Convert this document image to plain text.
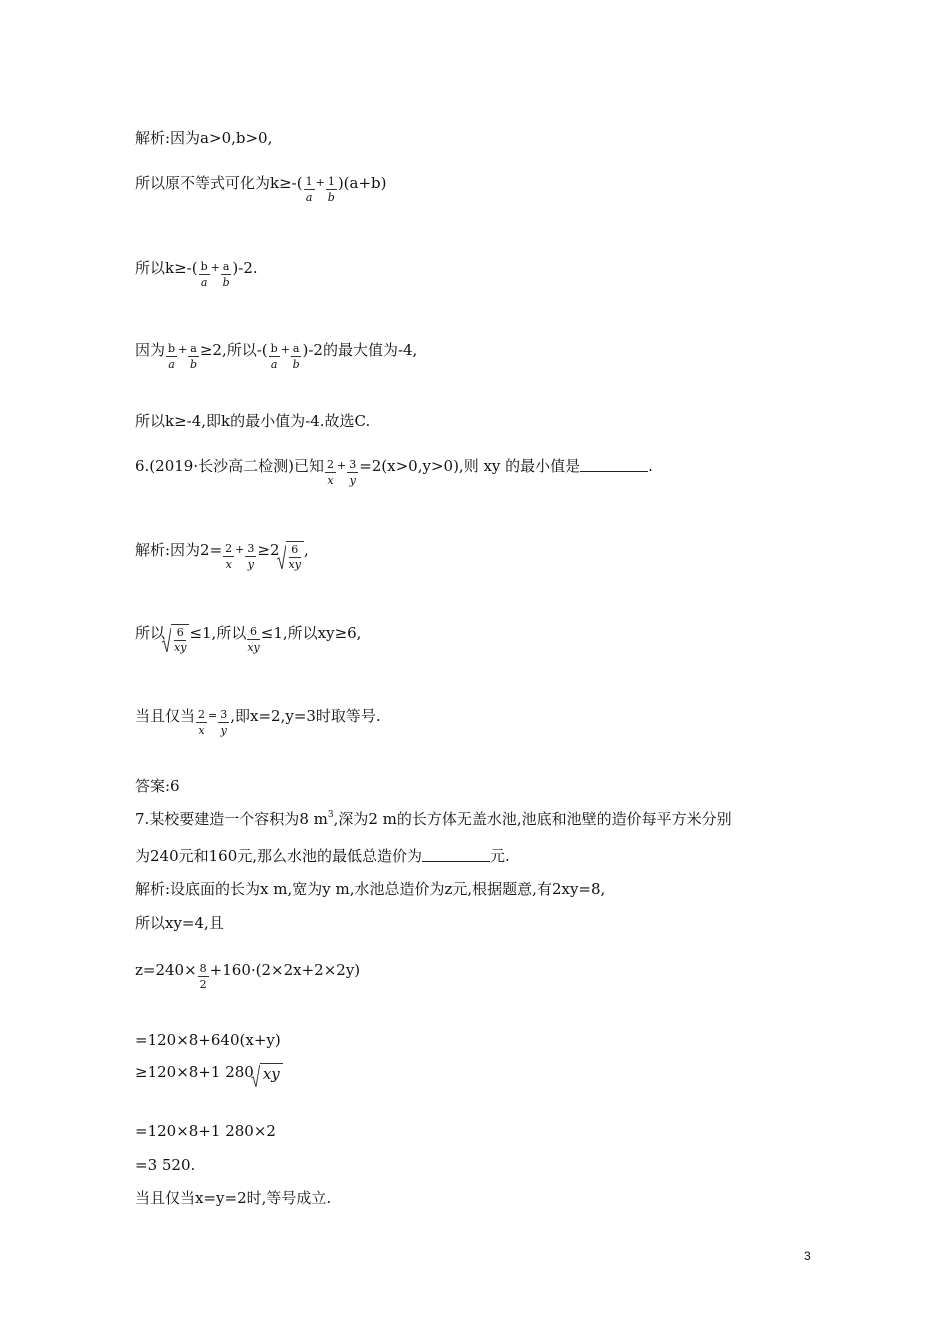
解析:因为a>0,b>0,
所以原不等式可化为$k\ge-( \frac{1}{a} + \frac{1}{b} )(a+b)$
所以$k\ge-( \frac{b}{a} + \frac{a}{b} )-2$.
因为 $\frac{b}{a} + \frac{a}{b} \ge 2$,所以-( $\frac{b}{a} + \frac{a}{b} )-2$的最大值为-4,
所以k≥-4,即k的最小值为-4.故选C.
6.(2019·长沙高二检测)已知 $\frac{2}{x} + \frac{3}{y} =2(x>0,y>0)$,则 xy 的最小值是	.
解析:因为$2= \frac{2}{x} + \frac{3}{y} \ge 2 \frac{6}{xy}$ ,
所以 $\frac{6}{xy} \le 1$,所以 $\frac{6}{xy} \le 1$,所以xy≥6,
当且仅当 $\frac{2}{x} = \frac{3}{y}$ ,即x=2,y=3时取等号.
答案:6
7.某校要建造一个容积为8 m3,深为2 m的长方体无盖水池,池底和池壁的造价每平方米分别
为240元和160元,那么水池的最低总造价为	元.
解析:设底面的长为x m,宽为y m,水池总造价为z元,根据题意,有2xy=8,
所以xy=4,且
$z=240\times \frac{8}{2} +160\cdot(2\times 2x+2\times 2y)$
=120×8+640(x+y)
≥120×8+1 280 xy
=120×8+1 280×2
=3 520.
当且仅当x=y=2时,等号成立.
3
